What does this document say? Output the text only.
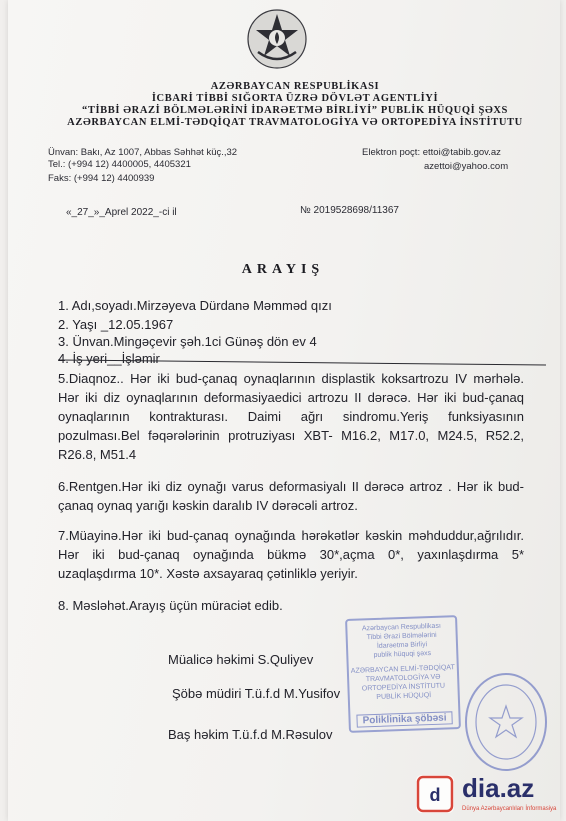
AZƏRBAYCAN RESPUBLİKASI
İCBARİ TİBBİ SIĞORTA ÜZRƏ DÖVLƏT AGENTLİYİ
“TİBBİ ƏRAZİ BÖLMƏLƏRİNİ İDARƏETMƏ BİRLİYİ” PUBLİK HÜQUQİ ŞƏXS
AZƏRBAYCAN ELMİ-TƏDQİQAT TRAVMATOLOGİYA VƏ ORTOPEDİYA İNSTİTUTU
Ünvan: Bakı, Az 1007, Abbas Səhhət küç.,32
Tel.: (+994 12) 4400005, 4405321
Faks: (+994 12) 4400939
Elektron poçt: ettoi@tabib.gov.az
azettoi@yahoo.com
«_27_»_Aprel 2022_-ci il	№ 2019528698/11367
ARAYIŞ
1. Adı,soyadı.Mirzəyeva Dürdanə Məmməd qızı
2. Yaşı _12.05.1967
3. Ünvan.Mingəçevir şəh.1ci Günəş dön ev 4
4. İş yeri__İşləmir
5.Diaqnoz.. Hər iki bud-çanaq oynaqlarının displastik koksartrozu IV mərhələ. Hər iki diz oynaqlarının deformasiyaedici artrozu II dərəcə. Hər iki bud-çanaq oynaqlarının kontrakturası. Daimi ağrı sindromu.Yeriş funksiyasının pozulması.Bel fəqərələrinin protruziyası XBT- M16.2, M17.0, M24.5, R52.2, R26.8, M51.4
6.Rentgen.Hər iki diz oynağı varus deformasiyalı II dərəcə artroz . Hər ik bud-çanaq oynaq yarığı kəskin daralıb IV dərəcəli artroz.
7.Müayinə.Hər iki bud-çanaq oynağında hərəkətlər kəskin məhduddur,ağrılıdır. Hər iki bud-çanaq oynağında bükmə 30*,açma 0*, yaxınlaşdırma 5* uzaqlaşdırma 10*. Xəstə axsayaraq çətinliklə yeriyir.
8. Məsləhət.Arayış üçün müraciət edib.
Müalicə həkimi S.Quliyev
Şöbə müdiri T.ü.f.d M.Yusifov
Baş həkim T.ü.f.d M.Rəsulov
Azərbaycan Respublikası
Tibbi Ərazi Bölmələrini
İdarəetmə Birliyi
publik hüquqi şəxs
AZƏRBAYCAN ELMİ-TƏDQİQAT
TRAVMATOLOGİYA VƏ
ORTOPEDİYA İNSTİTUTU
PUBLİK HÜQUQİ
Poliklinika şöbəsi
d dia.az
Dünya Azərbaycanlıları İnformasiya
